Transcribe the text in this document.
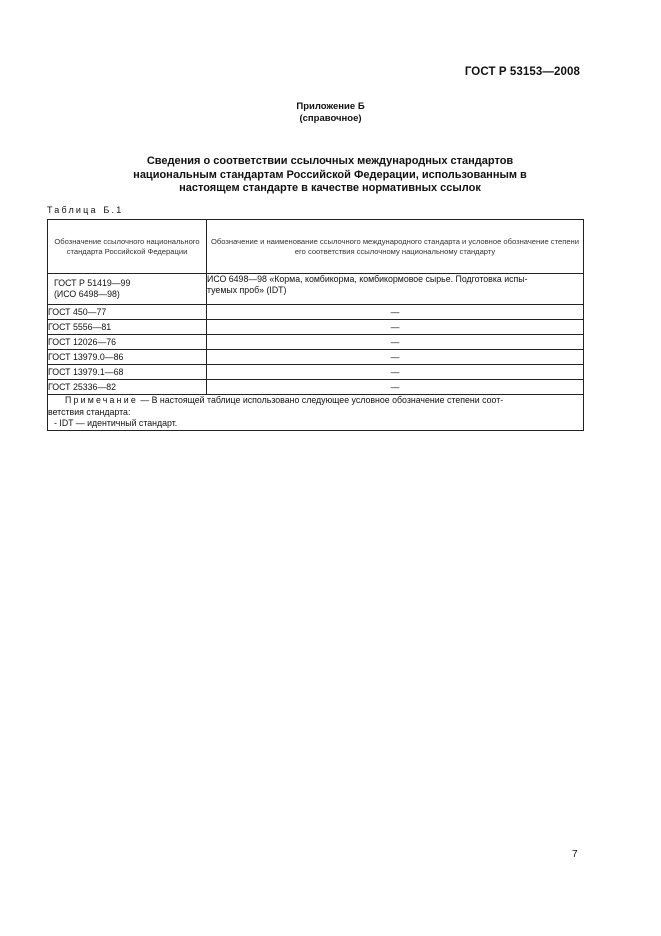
ГОСТ Р 53153—2008
Приложение Б
(справочное)
Сведения о соответствии ссылочных международных стандартов
национальным стандартам Российской Федерации, использованным в
настоящем стандарте в качестве нормативных ссылок
Таблица Б.1
Обозначение ссылочного национального стандарта Российской Федерации	Обозначение и наименование ссылочного международного стандарта и условное обозначение степени его соответствия ссылочному национальному стандарту

ГОСТ Р 51419—99
(ИСО 6498—98)	ИСО 6498—98 «Корма, комбикорма, комбикормовое сырье. Подготовка испы-
туемых проб» (IDT)

ГОСТ 450—77	—
ГОСТ 5556—81	—
ГОСТ 12026—76	—
ГОСТ 13979.0—86	—
ГОСТ 13979.1—68	—
ГОСТ 25336—82	—

Примечание — В настоящей таблице использовано следующее условное обозначение степени соот-
ветствия стандарта:
- IDT — идентичный стандарт.	
7
